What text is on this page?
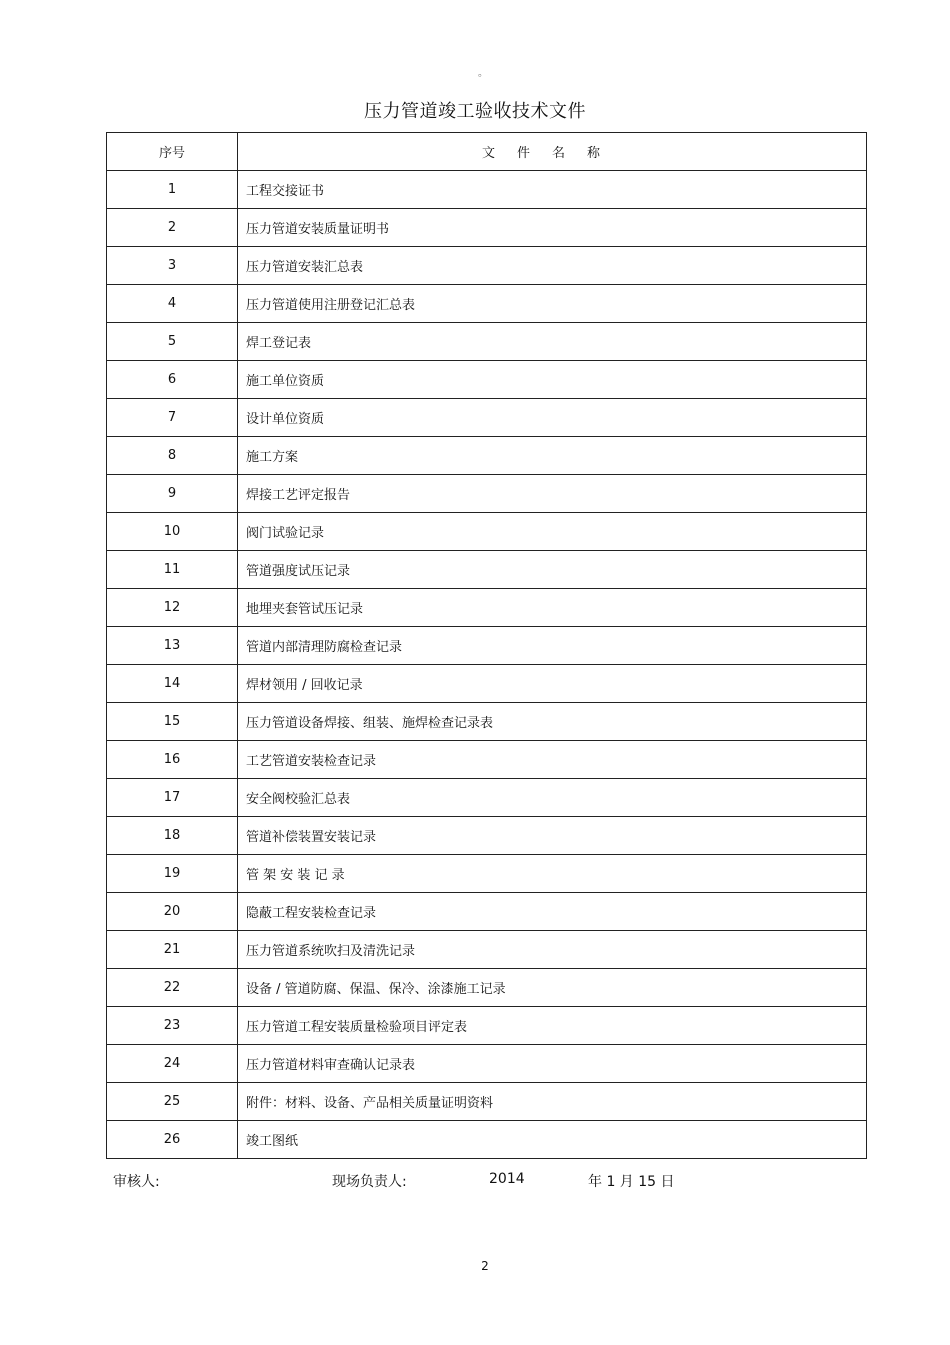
。
压力管道竣工验收技术文件
序号	文件名称
1	工程交接证书
2	压力管道安装质量证明书
3	压力管道安装汇总表
4	压力管道使用注册登记汇总表
5	焊工登记表
6	施工单位资质
7	设计单位资质
8	施工方案
9	焊接工艺评定报告
10	阀门试验记录
11	管道强度试压记录
12	地埋夹套管试压记录
13	管道内部清理防腐检查记录
14	焊材领用 / 回收记录
15	压力管道设备焊接、组装、施焊检查记录表
16	工艺管道安装检查记录
17	安全阀校验汇总表
18	管道补偿装置安装记录
19	管 架 安 装 记 录
20	隐蔽工程安装检查记录
21	压力管道系统吹扫及清洗记录
22	设备 / 管道防腐、保温、保冷、涂漆施工记录
23	压力管道工程安装质量检验项目评定表
24	压力管道材料审查确认记录表
25	附件：材料、设备、产品相关质量证明资料
26	竣工图纸
审核人:	现场负责人:	2014	年 1 月 15 日
2
